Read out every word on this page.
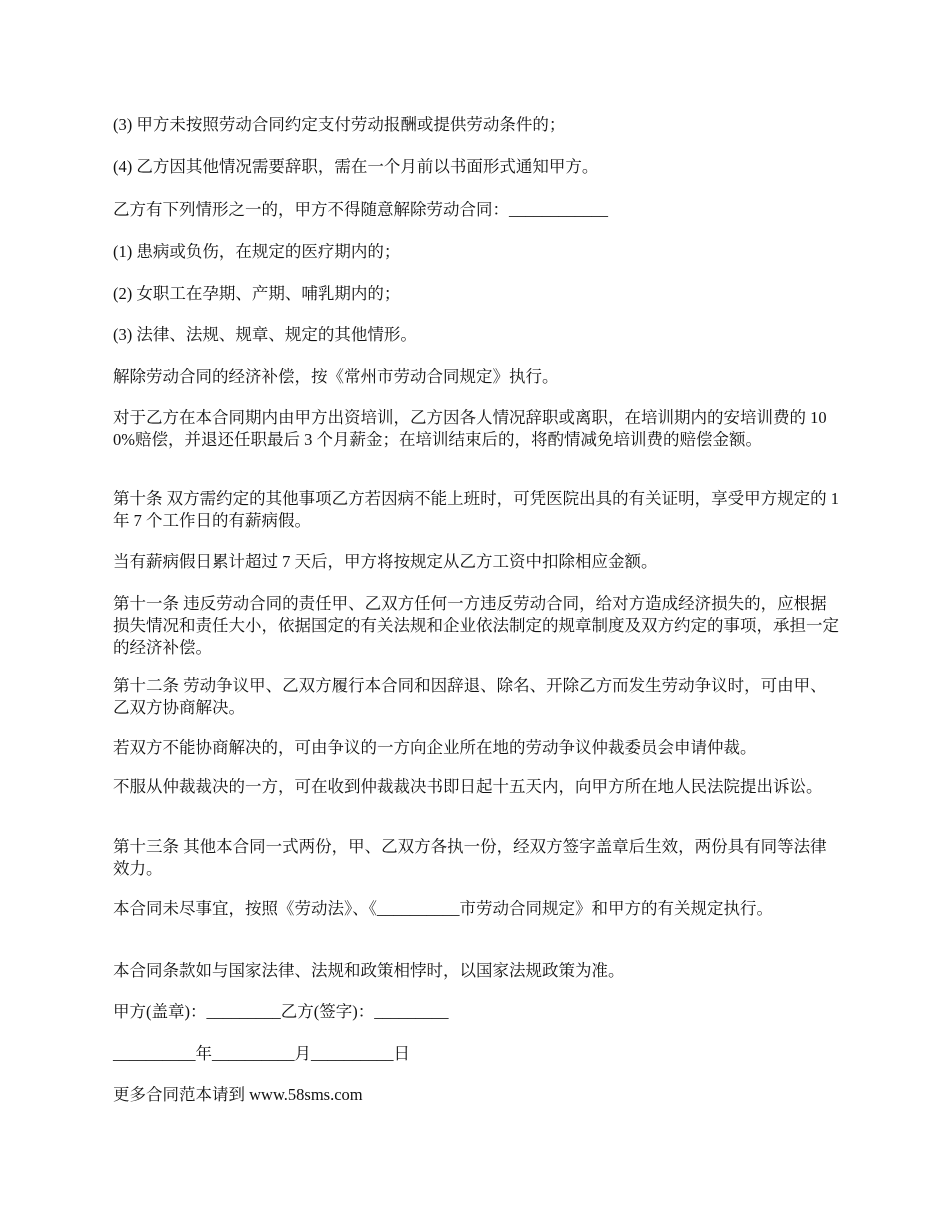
(3) 甲方未按照劳动合同约定支付劳动报酬或提供劳动条件的；

(4) 乙方因其他情况需要辞职，需在一个月前以书面形式通知甲方。

乙方有下列情形之一的，甲方不得随意解除劳动合同：____________

(1) 患病或负伤，在规定的医疗期内的；

(2) 女职工在孕期、产期、哺乳期内的；

(3) 法律、法规、规章、规定的其他情形。

解除劳动合同的经济补偿，按《常州市劳动合同规定》执行。

对于乙方在本合同期内由甲方出资培训，乙方因各人情况辞职或离职，在培训期内的安培训费的 100%赔偿，并退还任职最后 3 个月薪金；在培训结束后的，将酌情减免培训费的赔偿金额。

第十条 双方需约定的其他事项乙方若因病不能上班时，可凭医院出具的有关证明，享受甲方规定的 1 年 7 个工作日的有薪病假。

当有薪病假日累计超过 7 天后，甲方将按规定从乙方工资中扣除相应金额。

第十一条 违反劳动合同的责任甲、乙双方任何一方违反劳动合同，给对方造成经济损失的，应根据损失情况和责任大小，依据国定的有关法规和企业依法制定的规章制度及双方约定的事项，承担一定的经济补偿。

第十二条 劳动争议甲、乙双方履行本合同和因辞退、除名、开除乙方而发生劳动争议时，可由甲、乙双方协商解决。

若双方不能协商解决的，可由争议的一方向企业所在地的劳动争议仲裁委员会申请仲裁。

不服从仲裁裁决的一方，可在收到仲裁裁决书即日起十五天内，向甲方所在地人民法院提出诉讼。

第十三条 其他本合同一式两份，甲、乙双方各执一份，经双方签字盖章后生效，两份具有同等法律效力。

本合同未尽事宜，按照《劳动法》、《__________市劳动合同规定》和甲方的有关规定执行。

本合同条款如与国家法律、法规和政策相悖时，以国家法规政策为准。

甲方(盖章)：_________乙方(签字)：_________

__________年__________月__________日

更多合同范本请到 www.58sms.com
